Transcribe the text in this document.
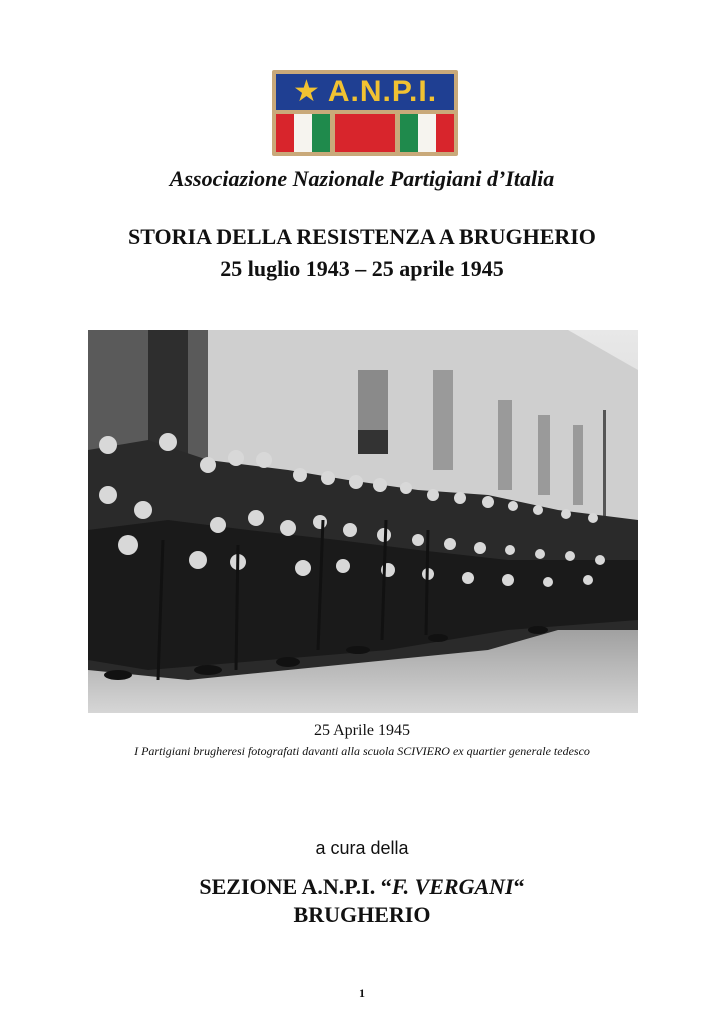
★ A.N.P.I.
Associazione Nazionale Partigiani d’Italia
STORIA DELLA RESISTENZA A BRUGHERIO
25 luglio 1943 – 25 aprile 1945
25 Aprile 1945
I Partigiani brugheresi fotografati davanti alla scuola SCIVIERO ex quartier generale tedesco
a cura della
SEZIONE A.N.P.I. “F. VERGANI“
BRUGHERIO
1
